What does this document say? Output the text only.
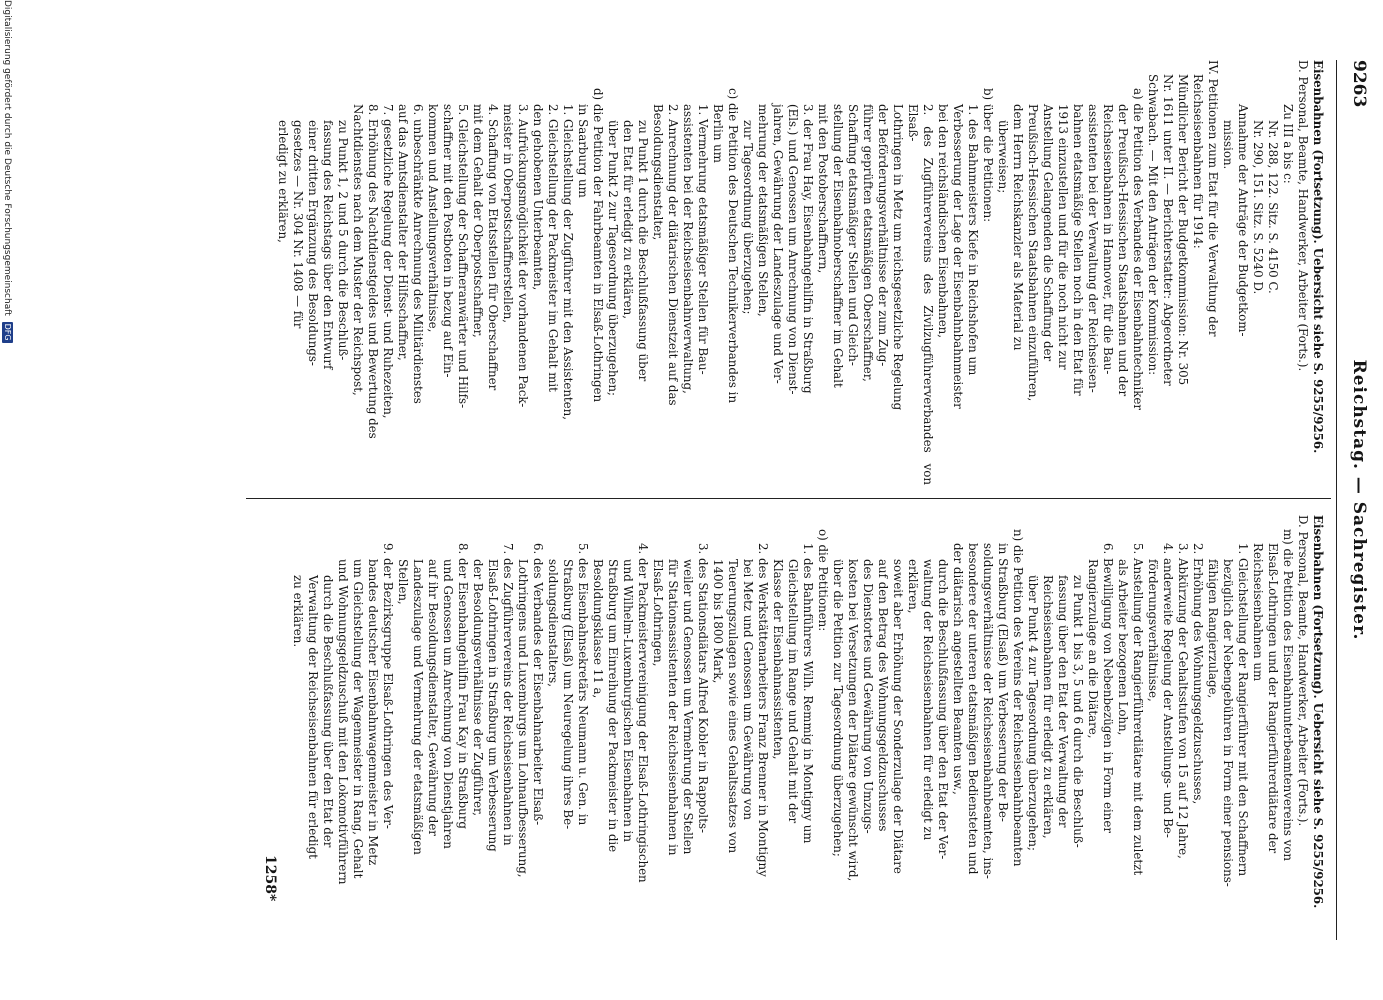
9263
Reichstag. — Sachregister.

Eisenbahnen (Fortsetzung). Uebersicht siehe S. 9255/9256.

D. Personal, Beamte, Handwerker, Arbeiter (Forts.).

Zu III a bis c:

Nr. 288, 122. Sitz. S. 4150 C.

Nr. 290, 151. Sitz. S. 5240 D.

Annahme der Anträge der Budgetkom-

mission.

IV. Petitionen zum Etat für die Verwaltung der

Reichseisenbahnen für 1914:

Mündlicher Bericht der Budgetkommission: Nr. 305

Nr. 1611 unter II. — Berichterstatter: Abgeordneter

Schwabach. — Mit den Anträgen der Kommission:

a) die Petition des Verbandes der Eisenbahntechniker

der Preußisch-Hessischen Staatsbahnen und der

Reichseisenbahnen in Hannover, für die Bau-

assistenten bei der Verwaltung der Reichseisen-

bahnen etatsmäßige Stellen noch in den Etat für

1913 einzustellen und für die noch nicht zur

Anstellung Gelangenden die Schaffung der

Preußisch-Hessischen Staatsbahnen einzuführen,

dem Herrn Reichskanzler als Material zu

überweisen;

b) über die Petitionen:

1. des Bahnmeisters Kiefe in Reichshofen um

Verbesserung der Lage der Eisenbahnbahnmeister

bei den reichsländischen Eisenbahnen,

2. des Zugführervereins des Zivilzugführerverbandes von Elsaß-

Lothringen in Metz um reichsgesetzliche Regelung

der Beförderungsverhältnisse der zum Zug-

führer geprüften etatsmäßigen Oberschaffner,

Schaffung etatsmäßiger Stellen und Gleich-

stellung der Eisenbahnoberschaffner im Gehalt

mit den Postoberschaffnern,

3. der Frau Hay, Eisenbahngehilfin in Straßburg

(Els.) und Genossen um Anrechnung von Dienst-

jahren, Gewährung der Landeszulage und Ver-

mehrung der etatsmäßigen Stellen,

zur Tagesordnung überzugehen;

c) die Petition des Deutschen Technikerverbandes in

Berlin um

1. Vermehrung etatsmäßiger Stellen für Bau-

assistenten bei der Reichseisenbahnverwaltung,

2. Anrechnung der diätarischen Dienstzeit auf das

Besoldungsdienstalter,

zu Punkt 1 durch die Beschlußfassung über

den Etat für erledigt zu erklären,

über Punkt 2 zur Tagesordnung überzugehen;

d) die Petition der Fahrbeamten in Elsaß-Lothringen

in Saarburg um

1. Gleichstellung der Zugführer mit den Assistenten,

2. Gleichstellung der Packmeister im Gehalt mit

den gehobenen Unterbeamten,

3. Aufrückungsmöglichkeit der vorhandenen Pack-

meister in Oberpostschaffnerstellen,

4. Schaffung von Etatsstellen für Oberschaffner

mit dem Gehalt der Oberpostschaffner,

5. Gleichstellung der Schaffneranwärter und Hilfs-

schaffner mit den Postboten in bezug auf Ein-

kommen und Anstellungsverhältnisse,

6. unbeschränkte Anrechnung des Militärdienstes

auf das Amtsdienstalter der Hilfsschaffner,

7. gesetzliche Regelung der Dienst- und Ruhezeiten,

8. Erhöhung des Nachtdienstgeldes und Bewertung des

Nachtdienstes nach dem Muster der Reichspost,

zu Punkt 1, 2 und 5 durch die Beschluß-

fassung des Reichstags über den Entwurf

einer dritten Ergänzung des Besoldungs-

gesetzes — Nr. 304 Nr. 1408 — für

erledigt zu erklären,

Eisenbahnen (Fortsetzung). Uebersicht siehe S. 9255/9256.

D. Personal, Beamte, Handwerker, Arbeiter (Forts.).

m) die Petition des Eisenbahnunterbeamtenvereins von

Elsaß-Lothringen und der Rangierführerdiätare der

Reichseisenbahnen um

1. Gleichstellung der Rangierführer mit den Schaffnern

bezüglich der Nebengebühren in Form einer pensions-

fähigen Rangierzulage,

2. Erhöhung des Wohnungsgeldzuschusses,

3. Abkürzung der Gehaltsstufen von 15 auf 12 Jahre,

4. anderweite Regelung der Anstellungs- und Be-

förderungsverhältnisse,

5. Anstellung der Rangierführerdiätare mit dem zuletzt

als Arbeiter bezogenen Lohn,

6. Bewilligung von Nebenbezügen in Form einer

Rangierzulage an die Diätare,

zu Punkt 1 bis 3, 5 und 6 durch die Beschluß-

fassung über den Etat der Verwaltung der

Reichseisenbahnen für erledigt zu erklären,

über Punkt 4 zur Tagesordnung überzugehen;

n) die Petition des Vereins der Reichseisenbahnbeamten

in Straßburg (Elsaß) um Verbesserung der Be-

soldungsverhältnisse der Reichseisenbahnbeamten, ins-

besondere der unteren etatsmäßigen Bediensteten und

der diätarisch angestellten Beamten usw.,

durch die Beschlußfassung über den Etat der Ver-

waltung der Reichseisenbahnen für erledigt zu

erklären,

soweit aber Erhöhung der Sonderzulage der Diätare

auf den Betrag des Wohnungsgeldzuschusses

des Dienstortes und Gewährung von Umzugs-

kosten bei Versetzungen der Diätare gewünscht wird,

über die Petition zur Tagesordnung überzugehen;

o) die Petitionen:

1. des Bahnführers Wilh. Remmig in Montigny um

Gleichstellung im Range und Gehalt mit der

Klasse der Eisenbahnassistenten,

2. des Werkstättenarbeiters Franz Brenner in Montigny

bei Metz und Genossen um Gewährung von

Teuerungszulagen sowie eines Gehaltssatzes von

1400 bis 1800 Mark,

3. des Stationsdiätars Alfred Kobler in Rappolts-

weiler und Genossen um Vermehrung der Stellen

für Stationsassistenten der Reichseisenbahnen in

Elsaß-Lothringen,

4. der Packmeistervereinigung der Elsaß-Lothringischen

und Wilhelm-Luxemburgischen Eisenbahnen in

Straßburg um Einreihung der Packmeister in die

Besoldungsklasse 11 a,

5. des Eisenbahnsekretärs Neumann u. Gen. in

Straßburg (Elsaß) um Neuregelung ihres Be-

soldungsdienstalters,

6. des Verbandes der Eisenbahnarbeiter Elsaß-

Lothringens und Luxemburgs um Lohnaufbesserung,

7. des Zugführervereins der Reichseisenbahnen in

Elsaß-Lothringen in Straßburg um Verbesserung

der Besoldungsverhältnisse der Zugführer,

8. der Eisenbahngehilfin Frau Kay in Straßburg

und Genossen um Anrechnung von Dienstjahren

auf ihr Besoldungsdienstalter, Gewährung der

Landeszulage und Vermehrung der etatsmäßigen

Stellen,

9. der Bezirksgruppe Elsaß-Lothringen des Ver-

bandes deutscher Eisenbahnwagenmeister in Metz

um Gleichstellung der Wagenmeister in Rang, Gehalt

und Wohnungsgeldzuschuß mit den Lokomotivführern

durch die Beschlußfassung über den Etat der

Verwaltung der Reichseisenbahnen für erledigt

zu erklären.

1258*
Digitalisierung gefördert durch die Deutsche Forschungsgemeinschaft DFG
